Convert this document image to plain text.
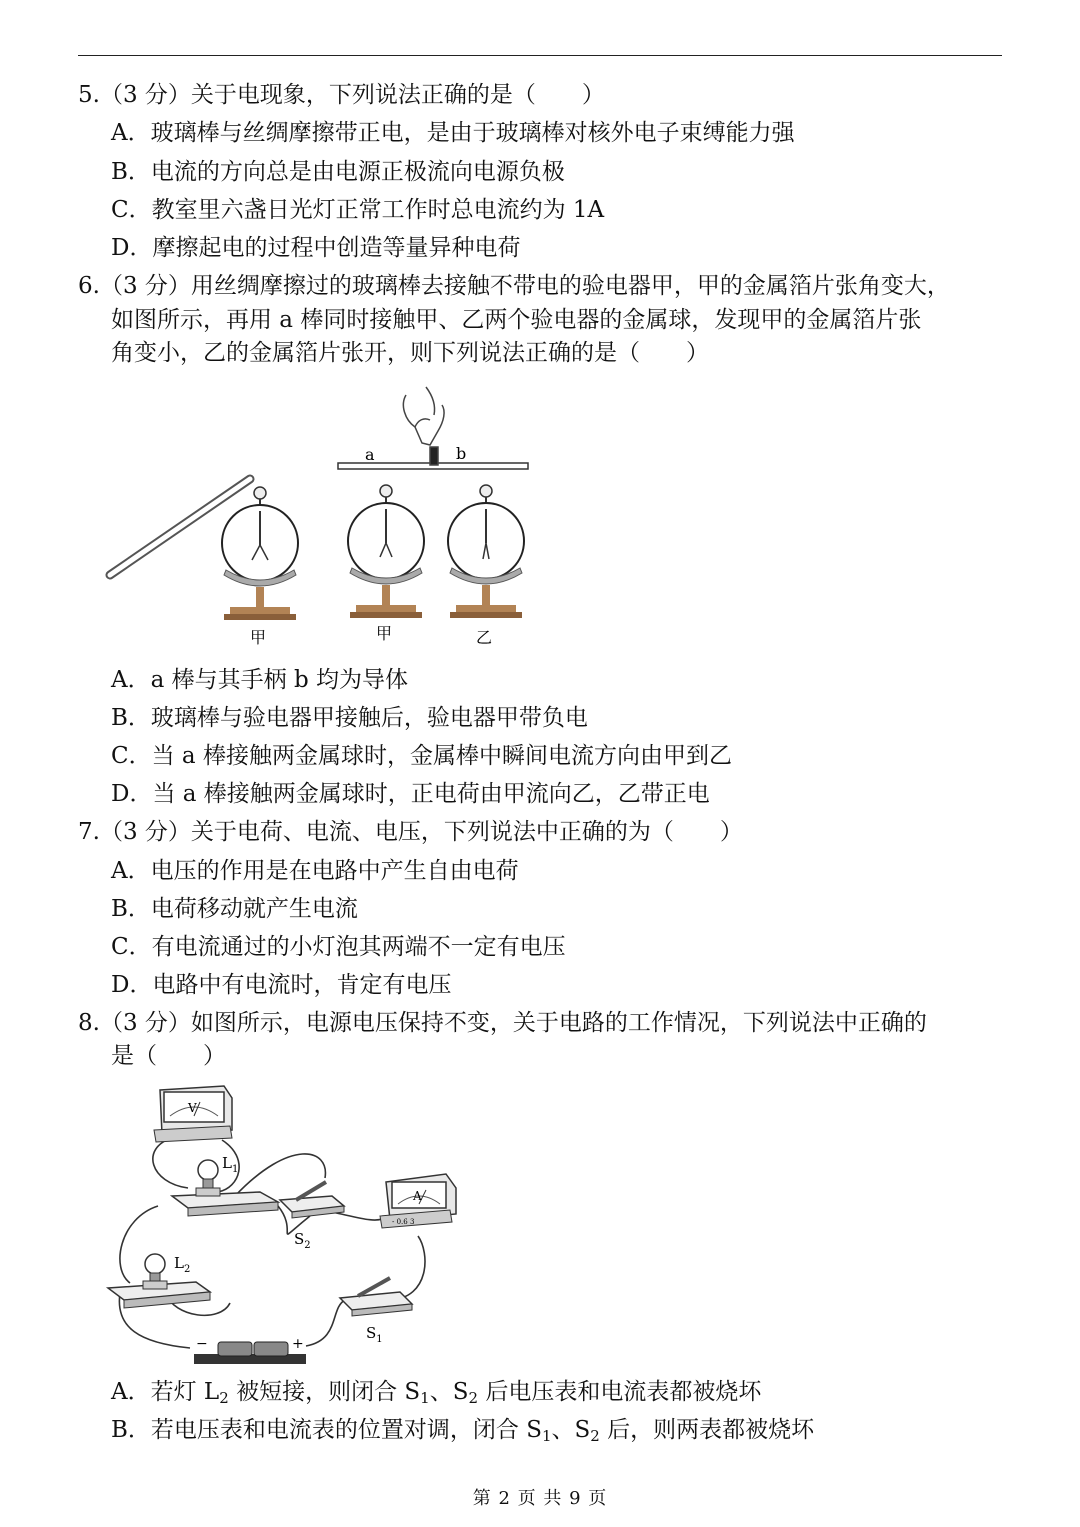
5.（3 分）关于电现象，下列说法正确的是（　　）
A．玻璃棒与丝绸摩擦带正电，是由于玻璃棒对核外电子束缚能力强
B．电流的方向总是由电源正极流向电源负极
C．教室里六盏日光灯正常工作时总电流约为 1A
D．摩擦起电的过程中创造等量异种电荷
6.（3 分）用丝绸摩擦过的玻璃棒去接触不带电的验电器甲，甲的金属箔片张角变大，
如图所示，再用 a 棒同时接触甲、乙两个验电器的金属球，发现甲的金属箔片张
角变小，乙的金属箔片张开，则下列说法正确的是（　　）
a	b
甲	甲	乙
A．a 棒与其手柄 b 均为导体
B．玻璃棒与验电器甲接触后，验电器甲带负电
C．当 a 棒接触两金属球时，金属棒中瞬间电流方向由甲到乙
D．当 a 棒接触两金属球时，正电荷由甲流向乙，乙带正电
7.（3 分）关于电荷、电流、电压，下列说法中正确的为（　　）
A．电压的作用是在电路中产生自由电荷
B．电荷移动就产生电流
C．有电流通过的小灯泡其两端不一定有电压
D．电路中有电流时，肯定有电压
8.（3 分）如图所示，电源电压保持不变，关于电路的工作情况，下列说法中正确的
是（　　）
V
$L_1$
$S_2$
A
- 0.6 3
$L_2$
$S_1$
−	+
A．若灯 $L_2$ 被短接，则闭合 $S_1$、$S_2$ 后电压表和电流表都被烧坏
B．若电压表和电流表的位置对调，闭合 $S_1$、$S_2$ 后，则两表都被烧坏
第 2 页 共 9 页
